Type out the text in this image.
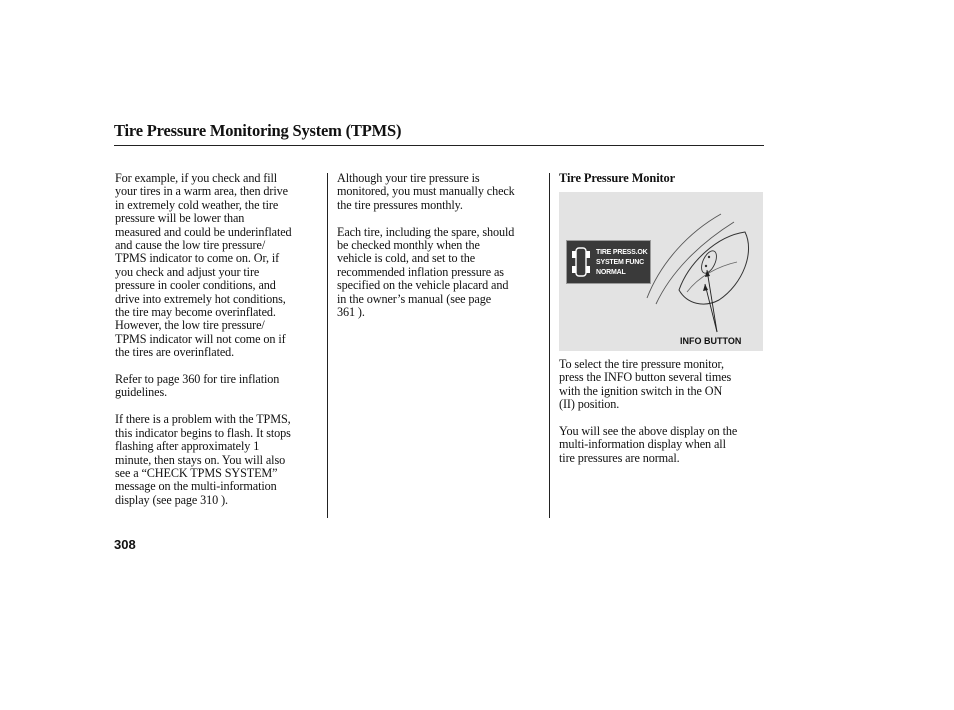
Tire Pressure Monitoring System (TPMS)

For example, if you check and fill
your tires in a warm area, then drive
in extremely cold weather, the tire
pressure will be lower than
measured and could be underinflated
and cause the low tire pressure/
TPMS indicator to come on. Or, if
you check and adjust your tire
pressure in cooler conditions, and
drive into extremely hot conditions,
the tire may become overinflated.
However, the low tire pressure/
TPMS indicator will not come on if
the tires are overinflated.

Refer to page 360 for tire inflation
guidelines.

If there is a problem with the TPMS,
this indicator begins to flash. It stops
flashing after approximately 1
minute, then stays on. You will also
see a “CHECK TPMS SYSTEM”
message on the multi-information
display (see page 310 ).

Although your tire pressure is
monitored, you must manually check
the tire pressures monthly.

Each tire, including the spare, should
be checked monthly when the
vehicle is cold, and set to the
recommended inflation pressure as
specified on the vehicle placard and
in the owner’s manual (see page
361 ).

Tire Pressure Monitor
TIRE PRESS.OK
SYSTEM FUNC
NORMAL
INFO BUTTON

To select the tire pressure monitor,
press the INFO button several times
with the ignition switch in the ON
(II) position.

You will see the above display on the
multi-information display when all
tire pressures are normal.

308
